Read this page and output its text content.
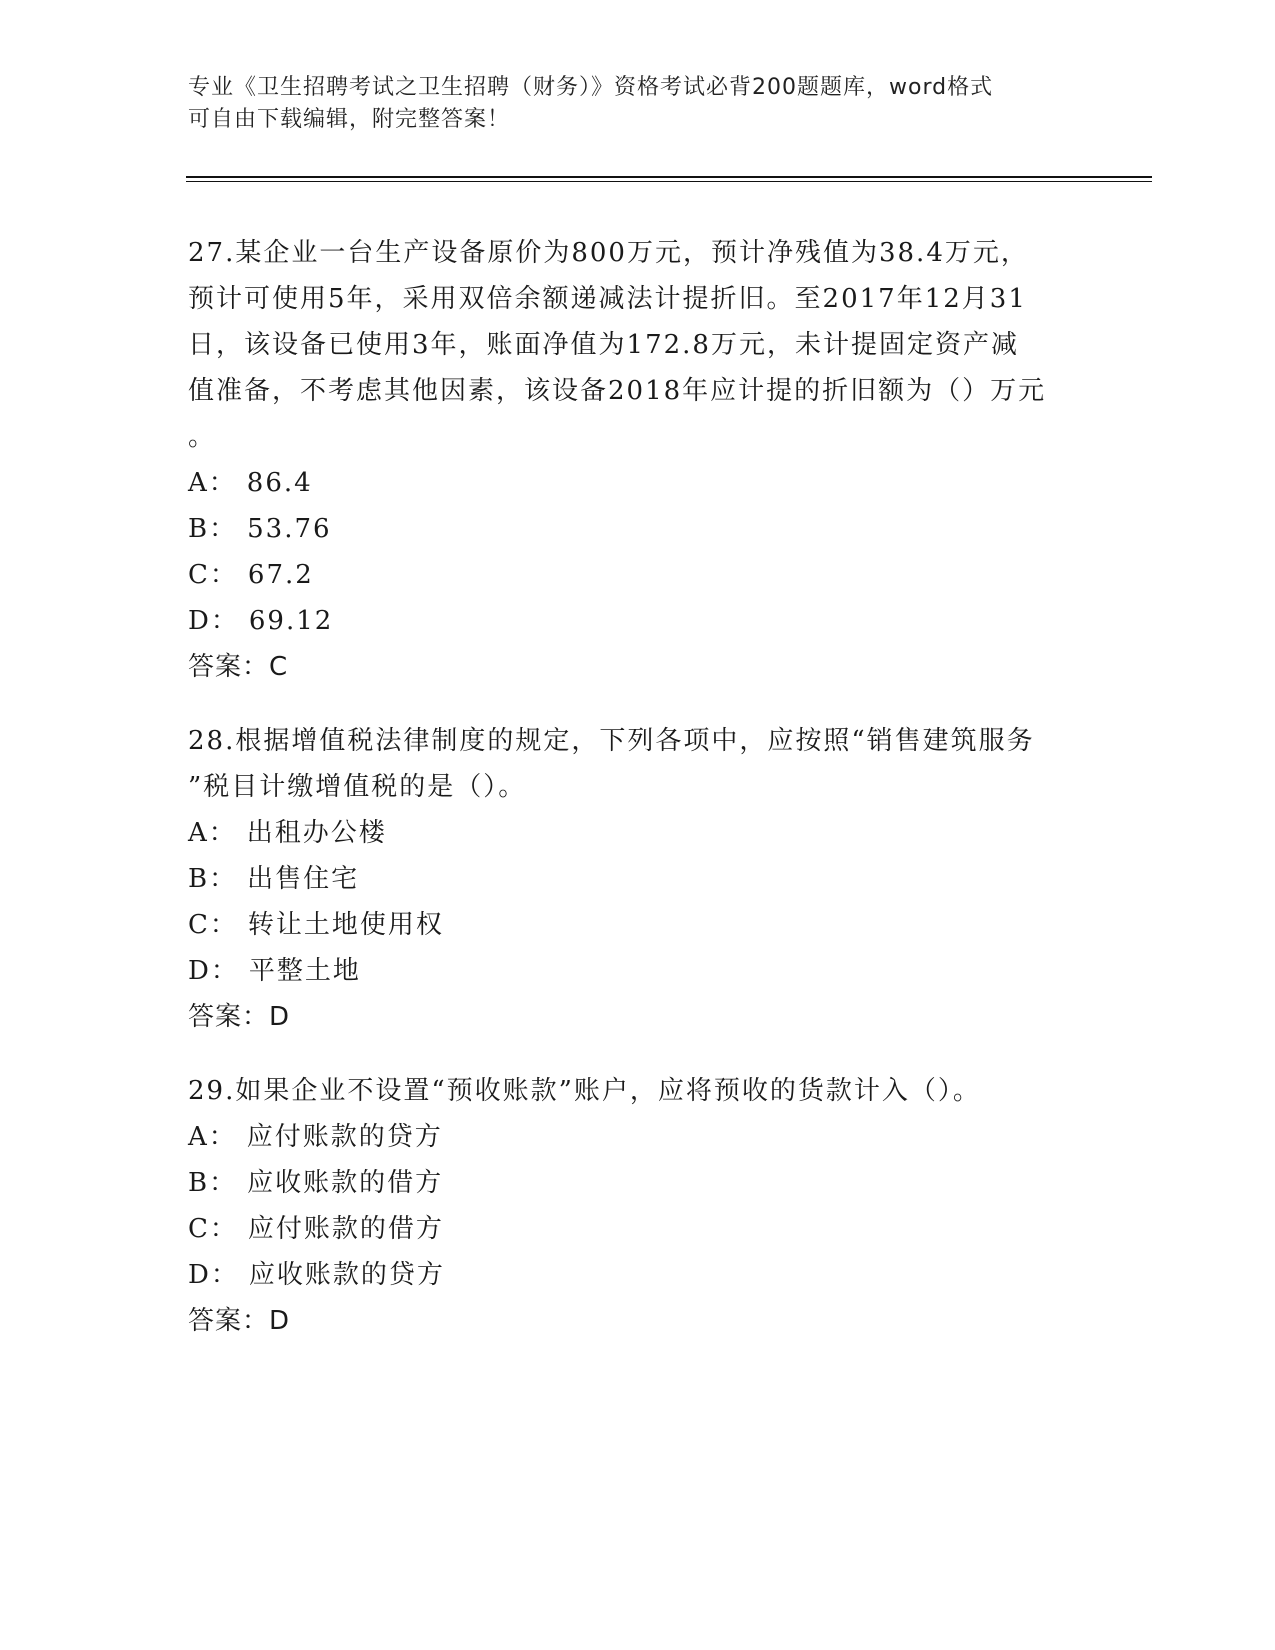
专业《卫生招聘考试之卫生招聘（财务）》资格考试必背200题题库，word格式
可自由下载编辑，附完整答案！
27.某企业一台生产设备原价为800万元，预计净残值为38.4万元，
预计可使用5年，采用双倍余额递减法计提折旧。至2017年12月31
日，该设备已使用3年，账面净值为172.8万元，未计提固定资产减
值准备，不考虑其他因素，该设备2018年应计提的折旧额为（）万元
。
A： 86.4
B： 53.76
C： 67.2
D： 69.12
答案：C
28.根据增值税法律制度的规定，下列各项中，应按照“销售建筑服务
”税目计缴增值税的是（）。
A： 出租办公楼
B： 出售住宅
C： 转让土地使用权
D： 平整土地
答案：D
29.如果企业不设置“预收账款”账户，应将预收的货款计入（）。
A： 应付账款的贷方
B： 应收账款的借方
C： 应付账款的借方
D： 应收账款的贷方
答案：D
